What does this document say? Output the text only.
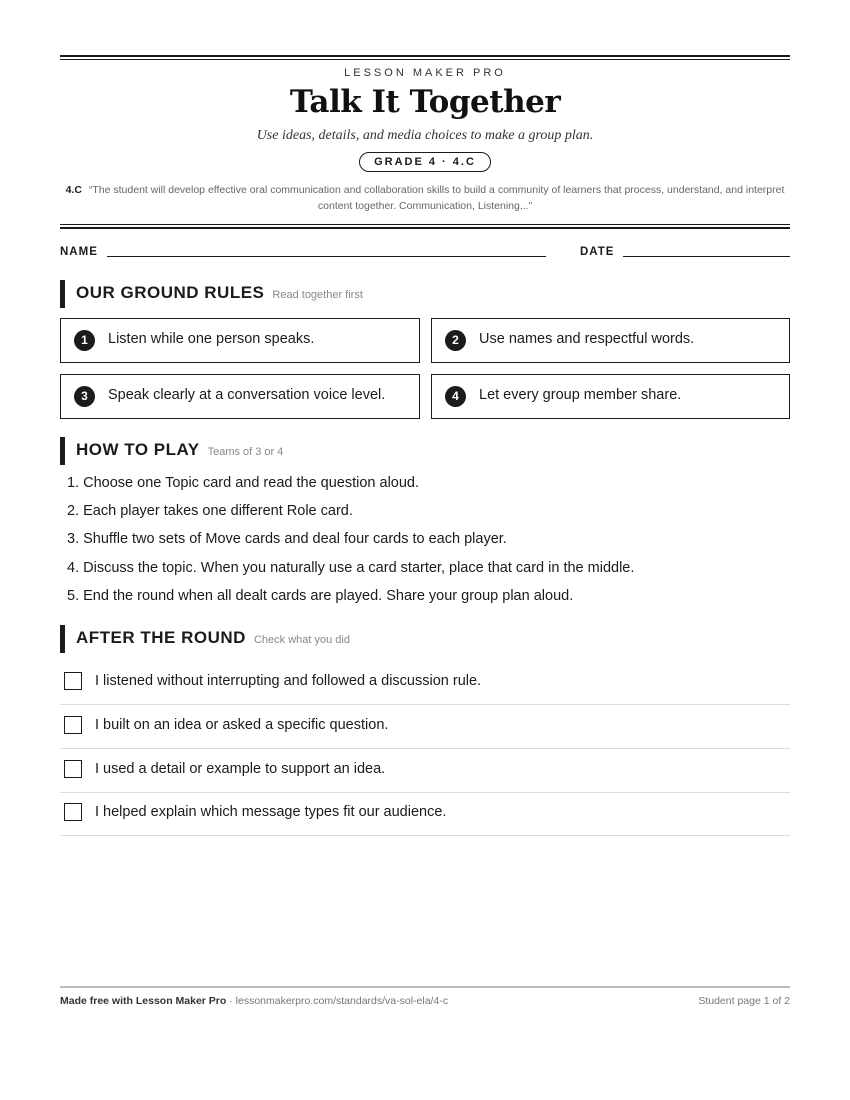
LESSON MAKER PRO
Talk It Together
Use ideas, details, and media choices to make a group plan.
GRADE 4 · 4.C
4.C “The student will develop effective oral communication and collaboration skills to build a community of learners that process, understand, and interpret content together. Communication, Listening...”
NAME	DATE
OUR GROUND RULES Read together first
1	Listen while one person speaks.	2	Use names and respectful words.
3	Speak clearly at a conversation voice level.	4	Let every group member share.
HOW TO PLAY Teams of 3 or 4
1. Choose one Topic card and read the question aloud.
2. Each player takes one different Role card.
3. Shuffle two sets of Move cards and deal four cards to each player.
4. Discuss the topic. When you naturally use a card starter, place that card in the middle.
5. End the round when all dealt cards are played. Share your group plan aloud.
AFTER THE ROUND Check what you did
I listened without interrupting and followed a discussion rule.
I built on an idea or asked a specific question.
I used a detail or example to support an idea.
I helped explain which message types fit our audience.
Made free with Lesson Maker Pro · lessonmakerpro.com/standards/va-sol-ela/4-c	Student page 1 of 2
